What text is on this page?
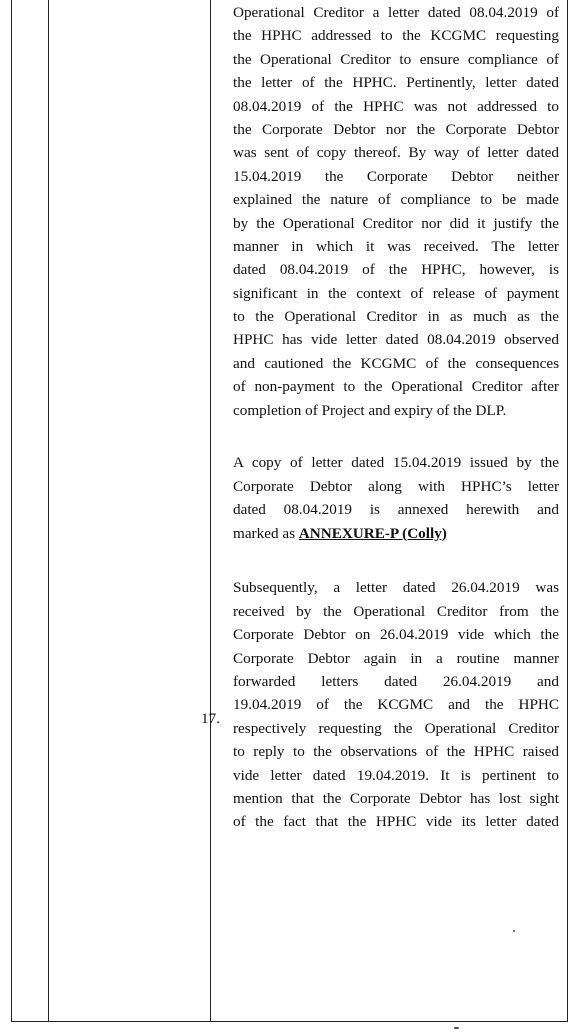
Operational Creditor a letter dated 08.04.2019 of
the HPHC addressed to the KCGMC requesting
the Operational Creditor to ensure compliance of
the letter of the HPHC. Pertinently, letter dated
08.04.2019 of the HPHC was not addressed to
the Corporate Debtor nor the Corporate Debtor
was sent of copy thereof. By way of letter dated
15.04.2019 the Corporate Debtor neither
explained the nature of compliance to be made
by the Operational Creditor nor did it justify the
manner in which it was received. The letter
dated 08.04.2019 of the HPHC, however, is
significant in the context of release of payment
to the Operational Creditor in as much as the
HPHC has vide letter dated 08.04.2019 observed
and cautioned the KCGMC of the consequences
of non-payment to the Operational Creditor after
completion of Project and expiry of the DLP.
A copy of letter dated 15.04.2019 issued by the
Corporate Debtor along with HPHC’s letter
dated 08.04.2019 is annexed herewith and
marked as ANNEXURE-P (Colly)
Subsequently, a letter dated 26.04.2019 was
received by the Operational Creditor from the
Corporate Debtor on 26.04.2019 vide which the
Corporate Debtor again in a routine manner
forwarded letters dated 26.04.2019 and
19.04.2019 of the KCGMC and the HPHC
respectively requesting the Operational Creditor
to reply to the observations of the HPHC raised
vide letter dated 19.04.2019. It is pertinent to
mention that the Corporate Debtor has lost sight
of the fact that the HPHC vide its letter dated
17.
